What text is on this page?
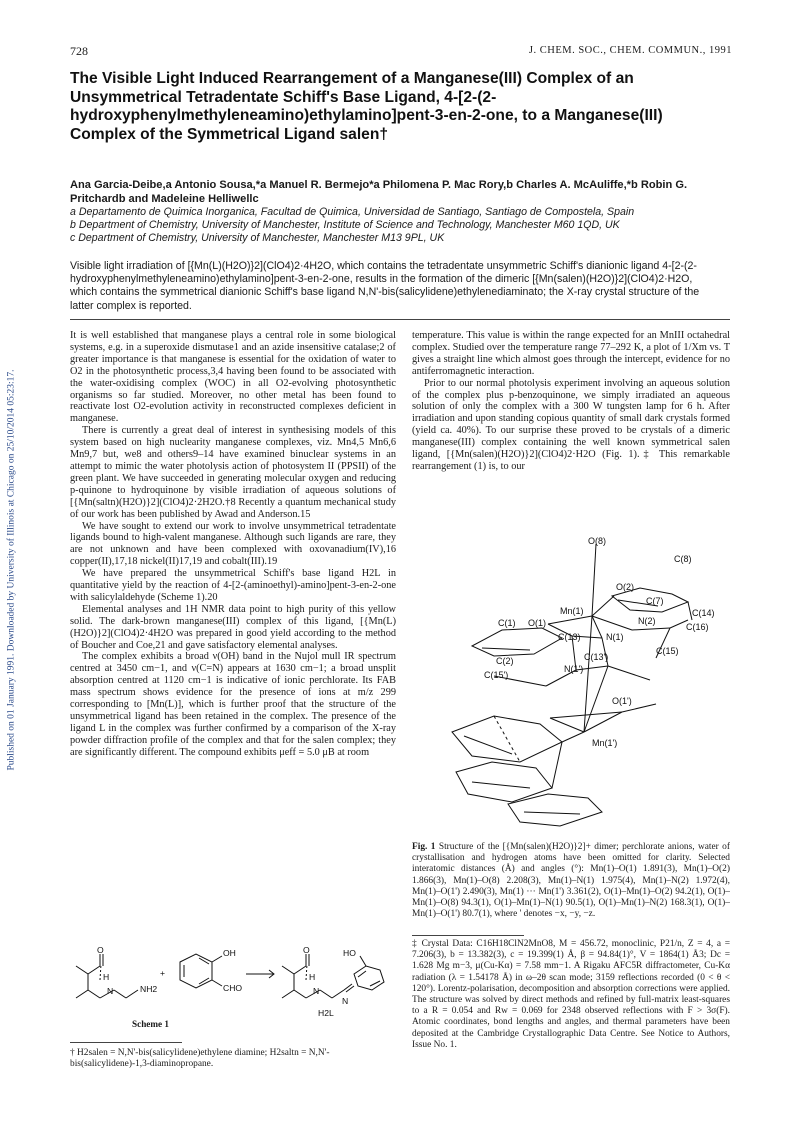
Published on 01 January 1991. Downloaded by University of Illinois at Chicago on 25/10/2014 05:23:17.
728	J. CHEM. SOC., CHEM. COMMUN., 1991
The Visible Light Induced Rearrangement of a Manganese(III) Complex of an Unsymmetrical Tetradentate Schiff's Base Ligand, 4-[2-(2-hydroxyphenylmethyleneamino)ethylamino]pent-3-en-2-one, to a Manganese(III) Complex of the Symmetrical Ligand salen†
Ana Garcia-Deibe,a Antonio Sousa,*a Manuel R. Bermejo*a Philomena P. Mac Rory,b Charles A. McAuliffe,*b Robin G. Pritchardb and Madeleine Helliwellc
a Departamento de Quimica Inorganica, Facultad de Quimica, Universidad de Santiago, Santiago de Compostela, Spain
b Department of Chemistry, University of Manchester, Institute of Science and Technology, Manchester M60 1QD, UK
c Department of Chemistry, University of Manchester, Manchester M13 9PL, UK
Visible light irradiation of [{Mn(L)(H2O)}2](ClO4)2·4H2O, which contains the tetradentate unsymmetric Schiff's dianionic ligand 4-[2-(2-hydroxyphenylmethyleneamino)ethylamino]pent-3-en-2-one, results in the formation of the dimeric [{Mn(salen)(H2O)}2](ClO4)2·H2O, which contains the symmetrical dianionic Schiff's base ligand N,N'-bis(salicylidene)ethylenediaminato; the X-ray crystal structure of the latter complex is reported.

It is well established that manganese plays a central role in some biological systems, e.g. in a superoxide dismutase1 and an azide insensitive catalase;2 of greater importance is that manganese is essential for the oxidation of water to O2 in the photosynthetic process,3,4 having been found to be associated with the water-oxidising complex (WOC) in all O2-evolving photosynthetic organisms so far studied. Moreover, no other metal has been found to reactivate lost O2-evolution activity in reconstructed complexes deficient in manganese.

There is currently a great deal of interest in synthesising models of this system based on high nuclearity manganese complexes, viz. Mn4,5 Mn6,6 Mn9,7 but, we8 and others9–14 have examined binuclear systems in an attempt to mimic the water photolysis action of photosystem II (PPSII) of the green plant. We have succeeded in generating molecular oxygen and reducing p-quinone to hydroquinone by visible irradiation of aqueous solutions of [{Mn(saltn)(H2O)}2](ClO4)2·2H2O.†8 Recently a quantum mechanical study of our work has been published by Awad and Anderson.15

We have sought to extend our work to involve unsymmetrical tetradentate ligands bound to high-valent manganese. Although such ligands are rare, they are not unknown and have been complexed with oxovanadium(IV),16 copper(II),17,18 nickel(II)17,19 and cobalt(III).19

We have prepared the unsymmetrical Schiff's base ligand H2L in quantitative yield by the reaction of 4-[2-(aminoethyl)-amino]pent-3-en-2-one with salicylaldehyde (Scheme 1).20

Elemental analyses and 1H NMR data point to high purity of this yellow solid. The dark-brown manganese(III) complex of this ligand, [{Mn(L)(H2O)}2](ClO4)2·4H2O was prepared in good yield according to the method of Boucher and Coe,21 and gave satisfactory elemental analyses.

The complex exhibits a broad ν(OH) band in the Nujol mull IR spectrum centred at 3450 cm−1, and ν(C=N) appears at 1630 cm−1; a broad unsplit absorption centred at 1120 cm−1 is indicative of ionic perchlorate. Its FAB mass spectrum shows evidence for the presence of ions at m/z 299 corresponding to [Mn(L)], which is further proof that the structure of the unsymmetrical ligand has been retained in the complex. The presence of the ligand L in the complex was further confirmed by a comparison of the X-ray powder diffraction profile of the complex and that for the salen complex; they are significantly different. The compound exhibits μeff = 5.0 μB at room

O
H
N	NH2
+
OH
CHO
O
H
N
HO
N
H2L
Scheme 1
† H2salen = N,N'-bis(salicylidene)ethylene diamine; H2saltn = N,N'-bis(salicylidene)-1,3-diaminopropane.

temperature. This value is within the range expected for an MnIII octahedral complex. Studied over the temperature range 77–292 K, a plot of 1/Xm vs. T gives a straight line which almost goes through the intercept, evidence for no antiferromagnetic interaction.

Prior to our normal photolysis experiment involving an aqueous solution of the complex plus p-benzoquinone, we simply irradiated an aqueous solution of only the complex with a 300 W tungsten lamp for 6 h. After irradiation and upon standing copious quantity of small dark crystals formed (yield ca. 40%). To our surprise these proved to be crystals of a dimeric manganese(III) complex containing the well known symmetrical salen ligand, [{Mn(salen)(H2O)}2](ClO4)2·H2O (Fig. 1).‡ This remarkable rearrangement (1) is, to our

O(8)
C(8)
O(2)
C(7)
C(14)
Mn(1)
C(1) O(1)	N(2)
C(16)
C(13)	N(1)
C(13')
C(2)
N(1')
C(15)
C(15')
O(1')
Mn(1')
Fig. 1 Structure of the [{Mn(salen)(H2O)}2]+ dimer; perchlorate anions, water of crystallisation and hydrogen atoms have been omitted for clarity. Selected interatomic distances (Å) and angles (°): Mn(1)–O(1) 1.891(3), Mn(1)–O(2) 1.866(3), Mn(1)–O(8) 2.208(3), Mn(1)–N(1) 1.975(4), Mn(1)–N(2) 1.972(4), Mn(1)–O(1') 2.490(3), Mn(1) ··· Mn(1') 3.361(2), O(1)–Mn(1)–O(2) 94.2(1), O(1)–Mn(1)–O(8) 94.3(1), O(1)–Mn(1)–N(1) 90.5(1), O(1)–Mn(1)–N(2) 168.3(1), O(1)–Mn(1)–O(1') 80.7(1), where ' denotes −x, −y, −z.
‡ Crystal Data: C16H18ClN2MnO8, M = 456.72, monoclinic, P21/n, Z = 4, a = 7.206(3), b = 13.382(3), c = 19.399(1) Å, β = 94.84(1)°, V = 1864(1) Å3; Dc = 1.628 Mg m−3, μ(Cu-Kα) = 7.58 mm−1. A Rigaku AFC5R diffractometer, Cu-Kα radiation (λ = 1.54178 Å) in ω–2θ scan mode; 3159 reflections recorded (0 < θ < 120°). Lorentz-polarisation, decomposition and absorption corrections were applied. The structure was solved by direct methods and refined by full-matrix least-squares to a R = 0.054 and Rw = 0.069 for 2348 observed reflections with F > 3σ(F). Atomic coordinates, bond lengths and angles, and thermal parameters have been deposited at the Cambridge Crystallographic Data Centre. See Notice to Authors, Issue No. 1.
